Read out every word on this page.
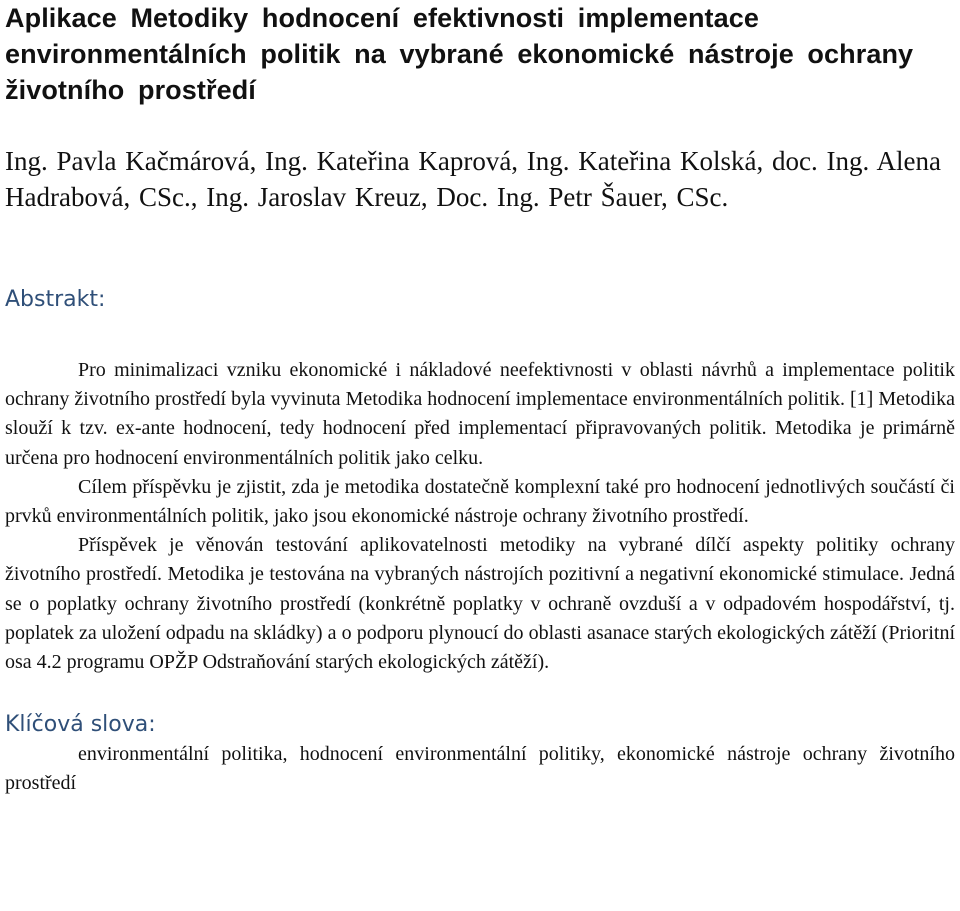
Aplikace Metodiky hodnocení efektivnosti implementace environmentálních politik na vybrané ekonomické nástroje ochrany životního prostředí
Ing. Pavla Kačmárová, Ing. Kateřina Kaprová, Ing. Kateřina Kolská, doc. Ing. Alena Hadrabová, CSc., Ing. Jaroslav Kreuz, Doc. Ing. Petr Šauer, CSc.
Abstrakt:

Pro minimalizaci vzniku ekonomické i nákladové neefektivnosti v oblasti návrhů a implementace politik ochrany životního prostředí byla vyvinuta Metodika hodnocení implementace environmentálních politik. [1] Metodika slouží k tzv. ex-ante hodnocení, tedy hodnocení před implementací připravovaných politik. Metodika je primárně určena pro hodnocení environmentálních politik jako celku.

Cílem příspěvku je zjistit, zda je metodika dostatečně komplexní také pro hodnocení jednotlivých součástí či prvků environmentálních politik, jako jsou ekonomické nástroje ochrany životního prostředí.

Příspěvek je věnován testování aplikovatelnosti metodiky na vybrané dílčí aspekty politiky ochrany životního prostředí. Metodika je testována na vybraných nástrojích pozitivní a negativní ekonomické stimulace. Jedná se o poplatky ochrany životního prostředí (konkrétně poplatky v ochraně ovzduší a v odpadovém hospodářství, tj. poplatek za uložení odpadu na skládky) a o podporu plynoucí do oblasti asanace starých ekologických zátěží (Prioritní osa 4.2 programu OPŽP Odstraňování starých ekologických zátěží).

Klíčová slova:
environmentální politika, hodnocení environmentální politiky, ekonomické nástroje ochrany životního prostředí
